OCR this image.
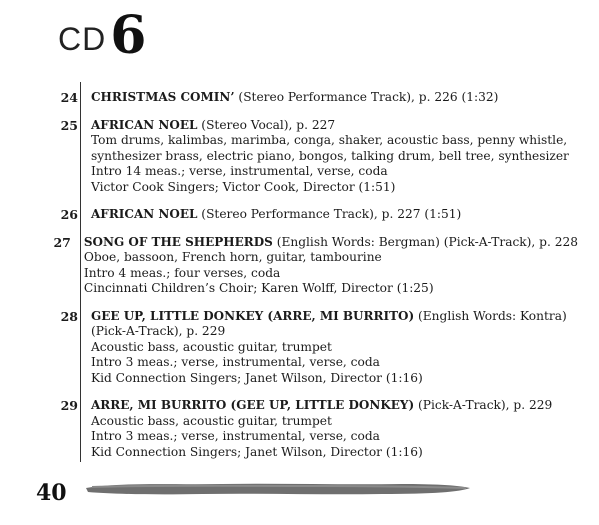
CD 6
24	CHRISTMAS COMIN’ (Stereo Performance Track), p. 226 (1:32)
25	AFRICAN NOEL (Stereo Vocal), p. 227
Tom drums, kalimbas, marimba, conga, shaker, acoustic bass, penny whistle,
synthesizer brass, electric piano, bongos, talking drum, bell tree, synthesizer
Intro 14 meas.; verse, instrumental, verse, coda
Victor Cook Singers; Victor Cook, Director (1:51)
26	AFRICAN NOEL (Stereo Performance Track), p. 227 (1:51)
27	SONG OF THE SHEPHERDS (English Words: Bergman) (Pick-A-Track), p. 228
Oboe, bassoon, French horn, guitar, tambourine
Intro 4 meas.; four verses, coda
Cincinnati Children’s Choir; Karen Wolff, Director (1:25)
28	GEE UP, LITTLE DONKEY (ARRE, MI BURRITO) (English Words: Kontra)
(Pick-A-Track), p. 229
Acoustic bass, acoustic guitar, trumpet
Intro 3 meas.; verse, instrumental, verse, coda
Kid Connection Singers; Janet Wilson, Director (1:16)
29	ARRE, MI BURRITO (GEE UP, LITTLE DONKEY) (Pick-A-Track), p. 229
Acoustic bass, acoustic guitar, trumpet
Intro 3 meas.; verse, instrumental, verse, coda
Kid Connection Singers; Janet Wilson, Director (1:16)
40
